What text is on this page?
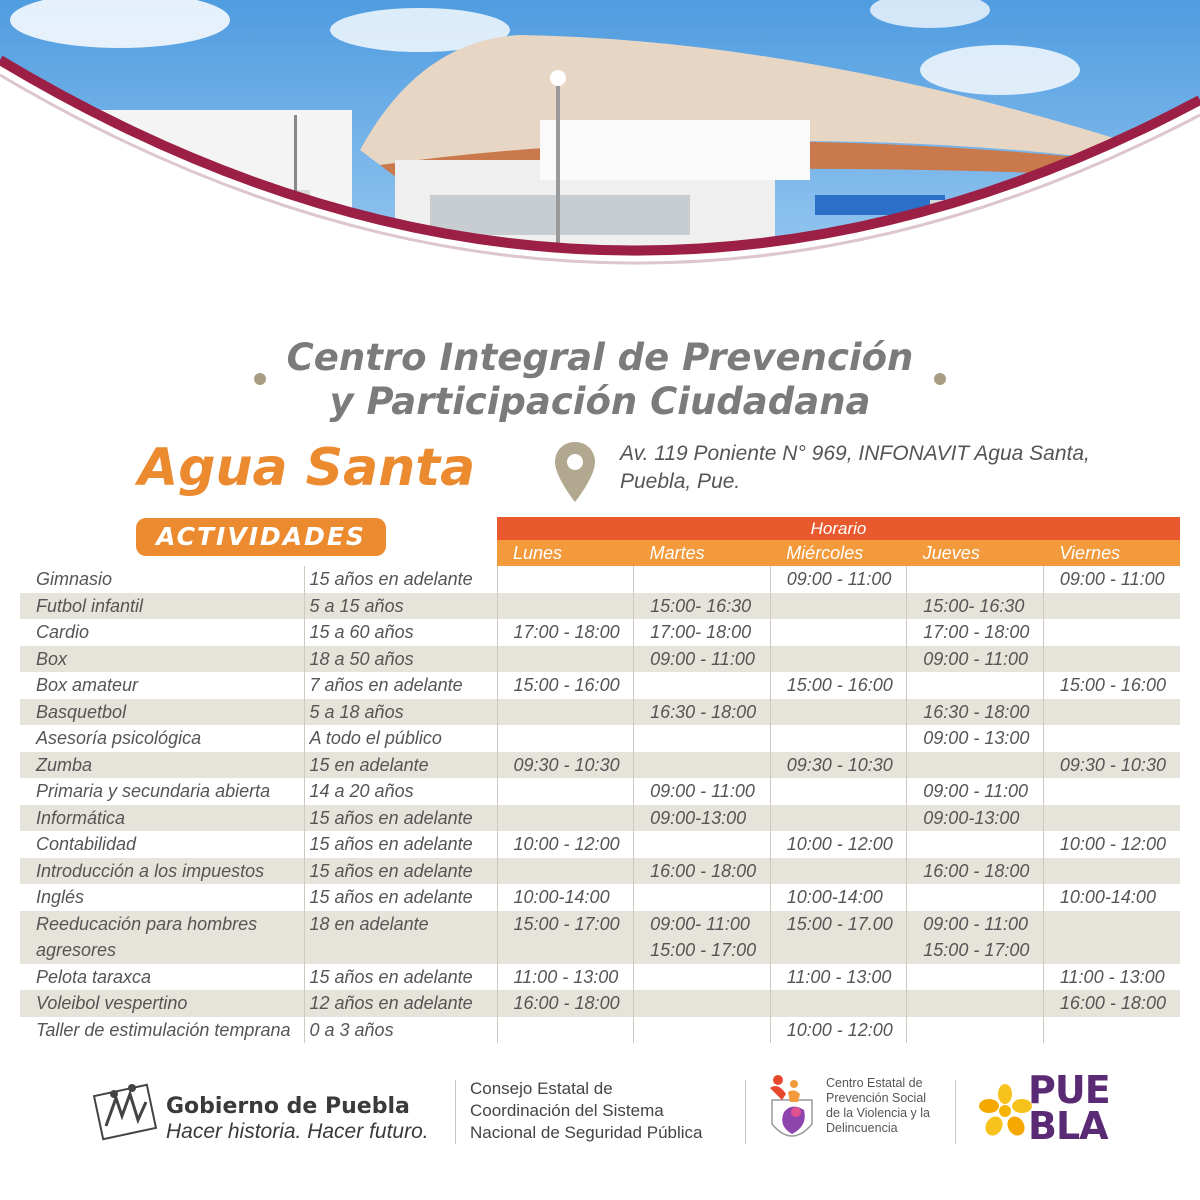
Centro Integral de Prevención
y Participación Ciudadana
Agua Santa	Av. 119 Poniente N° 969, INFONAVIT Agua Santa,
Puebla, Pue.
ACTIVIDADES	Horario
Lunes	Martes	Miércoles	Jueves	Viernes
Gimnasio	15 años en adelante			09:00 - 11:00		09:00 - 11:00
Futbol infantil	5 a 15 años		15:00- 16:30		15:00- 16:30	
Cardio	15 a 60 años	17:00 - 18:00	17:00- 18:00		17:00 - 18:00	
Box	18 a 50 años		09:00 - 11:00		09:00 - 11:00	
Box amateur	7 años en adelante	15:00 - 16:00		15:00 - 16:00		15:00 - 16:00
Basquetbol	5 a 18 años		16:30 - 18:00		16:30 - 18:00	
Asesoría psicológica	A todo el público				09:00 - 13:00	
Zumba	15 en adelante	09:30 - 10:30		09:30 - 10:30		09:30 - 10:30
Primaria y secundaria abierta	14 a 20 años		09:00 - 11:00		09:00 - 11:00	
Informática	15 años en adelante		09:00-13:00		09:00-13:00	
Contabilidad	15 años en adelante	10:00 - 12:00		10:00 - 12:00		10:00 - 12:00
Introducción a los impuestos	15 años en adelante		16:00 - 18:00		16:00 - 18:00	
Inglés	15 años en adelante	10:00-14:00		10:00-14:00		10:00-14:00
Reeducación para hombres	18 en adelante	15:00 - 17:00	09:00- 11:00	15:00 - 17.00	09:00 - 11:00	
agresores			15:00 - 17:00		15:00 - 17:00	
Pelota taraxca	15 años en adelante	11:00 - 13:00		11:00 - 13:00		11:00 - 13:00
Voleibol vespertino	12 años en adelante	16:00 - 18:00				16:00 - 18:00
Taller de estimulación temprana	0 a 3 años			10:00 - 12:00		
Gobierno de Puebla
Hacer historia. Hacer futuro.
Consejo Estatal de
Coordinación del Sistema
Nacional de Seguridad Pública
Centro Estatal de
Prevención Social
de la Violencia y la
Delincuencia
PUE
BLA
